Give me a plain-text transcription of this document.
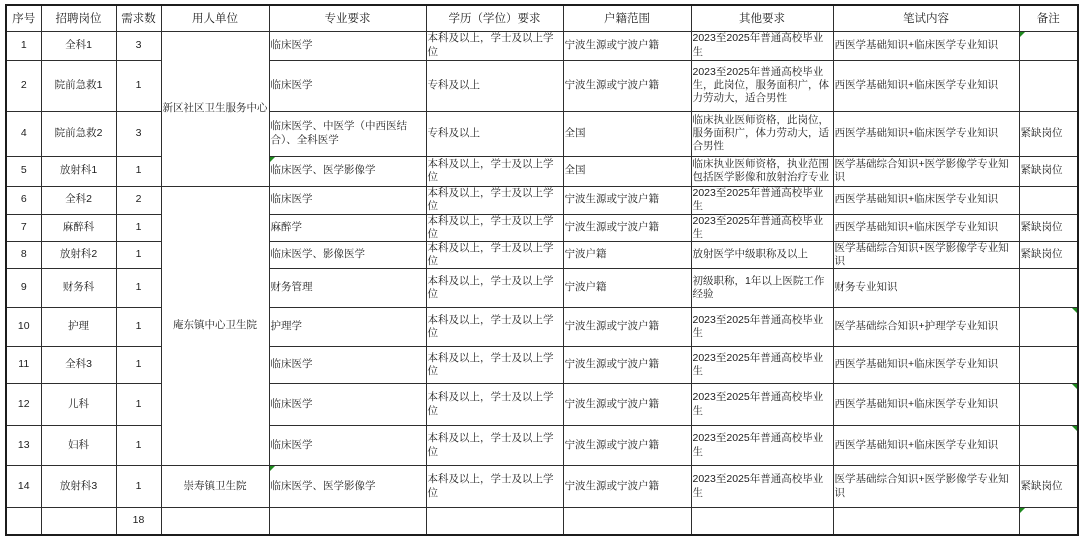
序号	招聘岗位	需求数	用人单位	专业要求	学历（学位）要求	户籍范围	其他要求	笔试内容	备注
1	全科1	3	新区社区卫生服务中心	临床医学	本科及以上，学士及以上学位	宁波生源或宁波户籍	2023至2025年普通高校毕业生	西医学基础知识+临床医学专业知识	

2	院前急救1	1		临床医学	专科及以上	宁波生源或宁波户籍	2023至2025年普通高校毕业生，此岗位，服务面积广，体力劳动大，适合男性	西医学基础知识+临床医学专业知识	
4	院前急救2	3		临床医学、中医学（中西医结合）、全科医学	专科及以上	全国	临床执业医师资格，此岗位，服务面积广，体力劳动大，适合男性	西医学基础知识+临床医学专业知识	紧缺岗位
5	放射科1	1		临床医学、医学影像学	本科及以上，学士及以上学位	全国	临床执业医师资格，执业范围包括医学影像和放射治疗专业	医学基础综合知识+医学影像学专业知识	紧缺岗位
6	全科2	2	庵东镇中心卫生院	临床医学	本科及以上，学士及以上学位	宁波生源或宁波户籍	2023至2025年普通高校毕业生	西医学基础知识+临床医学专业知识	
7	麻醉科	1		麻醉学	本科及以上，学士及以上学位	宁波生源或宁波户籍	2023至2025年普通高校毕业生	西医学基础知识+临床医学专业知识	紧缺岗位
8	放射科2	1		临床医学、影像医学	本科及以上，学士及以上学位	宁波户籍	放射医学中级职称及以上	医学基础综合知识+医学影像学专业知识	紧缺岗位
9	财务科	1		财务管理	本科及以上，学士及以上学位	宁波户籍	初级职称，1年以上医院工作经验	财务专业知识	
10	护理	1		护理学	本科及以上，学士及以上学位	宁波生源或宁波户籍	2023至2025年普通高校毕业生	医学基础综合知识+护理学专业知识	

11	全科3	1		临床医学	本科及以上，学士及以上学位	宁波生源或宁波户籍	2023至2025年普通高校毕业生	西医学基础知识+临床医学专业知识	
12	儿科	1		临床医学	本科及以上，学士及以上学位	宁波生源或宁波户籍	2023至2025年普通高校毕业生	西医学基础知识+临床医学专业知识	

13	妇科	1		临床医学	本科及以上，学士及以上学位	宁波生源或宁波户籍	2023至2025年普通高校毕业生	西医学基础知识+临床医学专业知识	

14	放射科3	1	崇寿镇卫生院	临床医学、医学影像学	本科及以上，学士及以上学位	宁波生源或宁波户籍	2023至2025年普通高校毕业生	医学基础综合知识+医学影像学专业知识	紧缺岗位
		18							
